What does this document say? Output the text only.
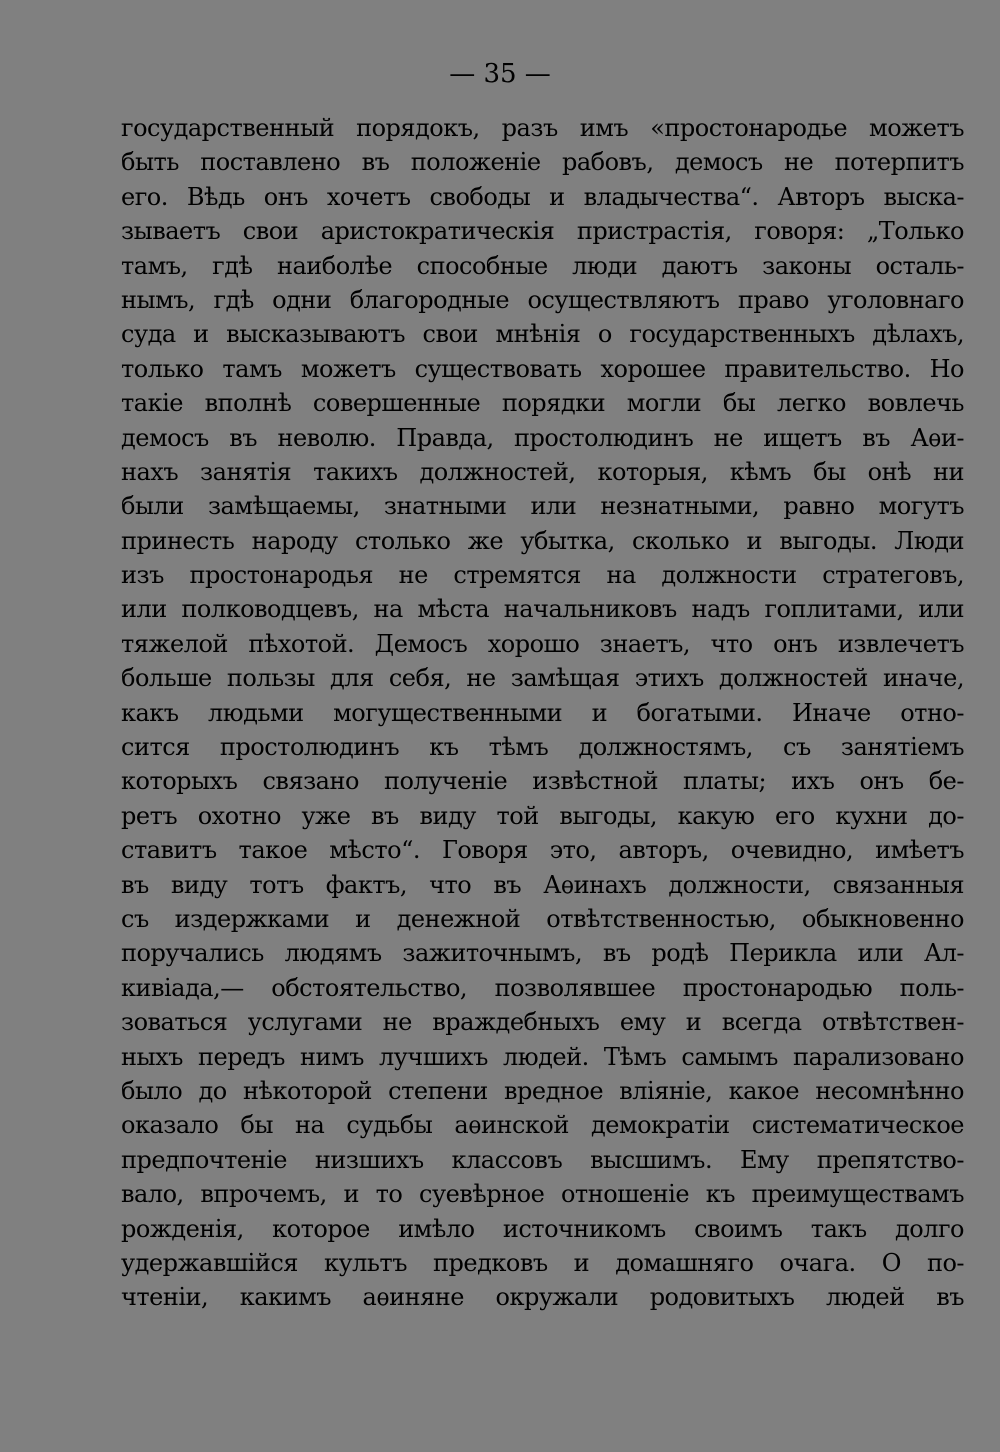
— 35 —
государственный порядокъ, разъ имъ «простонародье можетъ
быть поставлено въ положеніе рабовъ, демосъ не потерпитъ
его. Вѣдь онъ хочетъ свободы и владычества“. Авторъ выска-
зываетъ свои аристократическія пристрастія, говоря: „Только
тамъ, гдѣ наиболѣе способные люди даютъ законы осталь-
нымъ, гдѣ одни благородные осуществляютъ право уголовнаго
суда и высказываютъ свои мнѣнія о государственныхъ дѣлахъ,
только тамъ можетъ существовать хорошее правительство. Но
такіе вполнѣ совершенные порядки могли бы легко вовлечь
демосъ въ неволю. Правда, простолюдинъ не ищетъ въ Аѳи-
нахъ занятія такихъ должностей, которыя, кѣмъ бы онѣ ни
были замѣщаемы, знатными или незнатными, равно могутъ
принесть народу столько же убытка, сколько и выгоды. Люди
изъ простонародья не стремятся на должности стратеговъ,
или полководцевъ, на мѣста начальниковъ надъ гоплитами, или
тяжелой пѣхотой. Демосъ хорошо знаетъ, что онъ извлечетъ
больше пользы для себя, не замѣщая этихъ должностей иначе,
какъ людьми могущественными и богатыми. Иначе отно-
сится простолюдинъ къ тѣмъ должностямъ, съ занятіемъ
которыхъ связано полученіе извѣстной платы; ихъ онъ бе-
ретъ охотно уже въ виду той выгоды, какую его кухни до-
ставитъ такое мѣсто“. Говоря это, авторъ, очевидно, имѣетъ
въ виду тотъ фактъ, что въ Аѳинахъ должности, связанныя
съ издержками и денежной отвѣтственностью, обыкновенно
поручались людямъ зажиточнымъ, въ родѣ Перикла или Ал-
кивіада,— обстоятельство, позволявшее простонародью поль-
зоваться услугами не враждебныхъ ему и всегда отвѣтствен-
ныхъ передъ нимъ лучшихъ людей. Тѣмъ самымъ парализовано
было до нѣкоторой степени вредное вліяніе, какое несомнѣнно
оказало бы на судьбы аѳинской демократіи систематическое
предпочтеніе низшихъ классовъ высшимъ. Ему препятство-
вало, впрочемъ, и то суевѣрное отношеніе къ преимуществамъ
рожденія, которое имѣло источникомъ своимъ такъ долго
удержавшійся культъ предковъ и домашняго очага. О по-
чтеніи, какимъ аѳиняне окружали родовитыхъ людей въ
